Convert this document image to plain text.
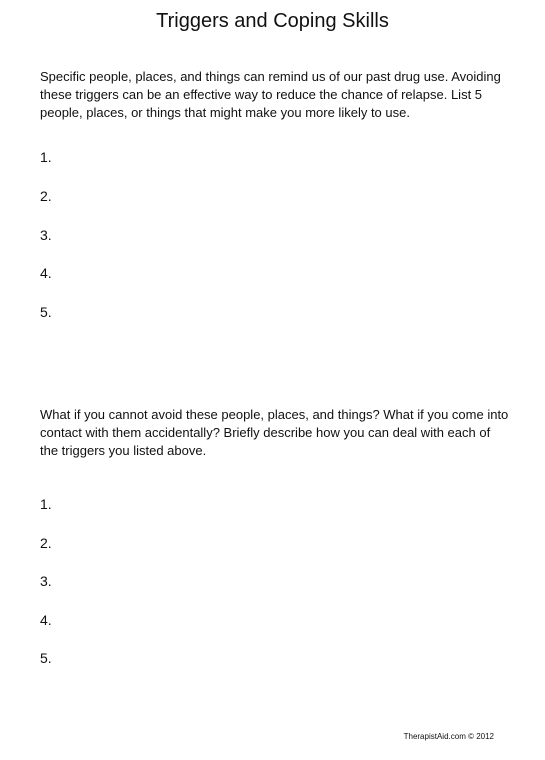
Triggers and Coping Skills
Specific people, places, and things can remind us of our past drug use. Avoiding these triggers can be an effective way to reduce the chance of relapse. List 5 people, places, or things that might make you more likely to use.
1.
2.
3.
4.
5.
What if you cannot avoid these people, places, and things? What if you come into contact with them accidentally? Briefly describe how you can deal with each of the triggers you listed above.
1.
2.
3.
4.
5.
TherapistAid.com © 2012
